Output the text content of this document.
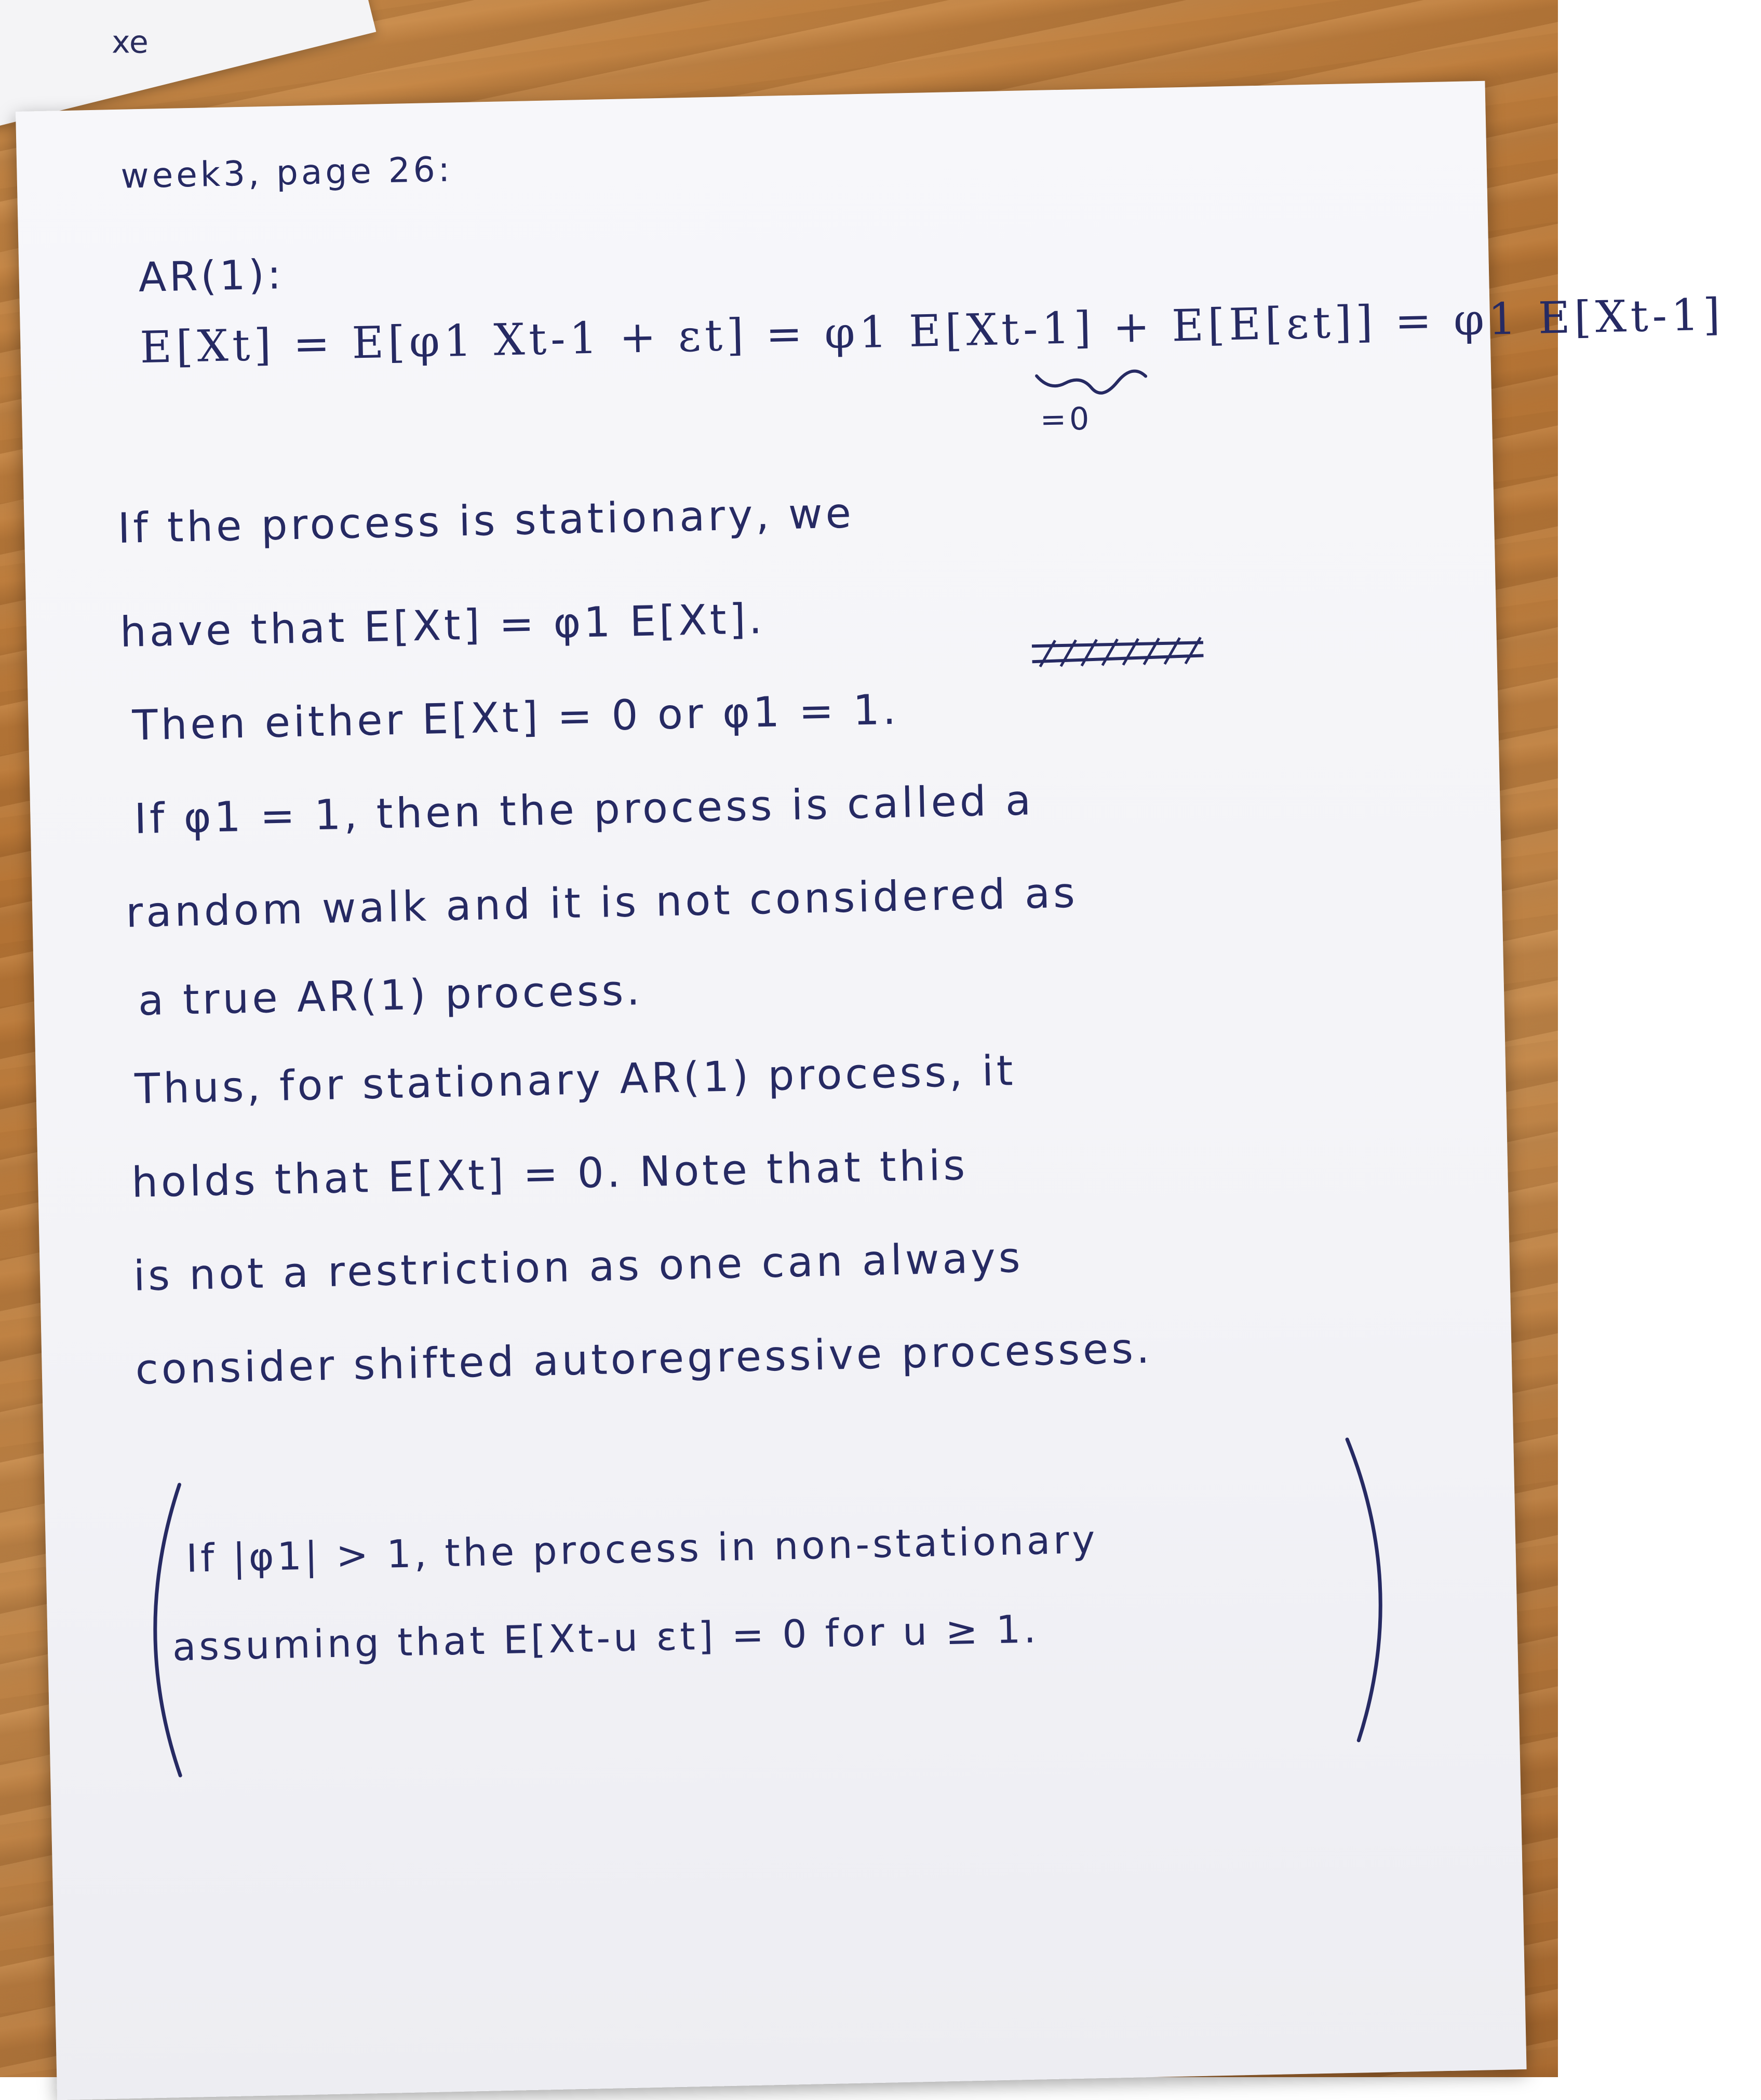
xe
week3, page 26:
AR(1):
E[Xt] = E[φ1 Xt-1 + εt] = φ1 E[Xt-1] + E[E[εt]] = φ1 E[Xt-1]
=0
If the process is stationary, we
have that E[Xt] = φ1 E[Xt].
Then either E[Xt] = 0 or φ1 = 1.
If φ1 = 1, then the process is called a
random walk and it is not considered as
a true AR(1) process.
Thus, for stationary AR(1) process, it
holds that E[Xt] = 0. Note that this
is not a restriction as one can always
consider shifted autoregressive processes.
If |φ1| > 1, the process in non-stationary
assuming that E[Xt-u εt] = 0 for u ≥ 1.
